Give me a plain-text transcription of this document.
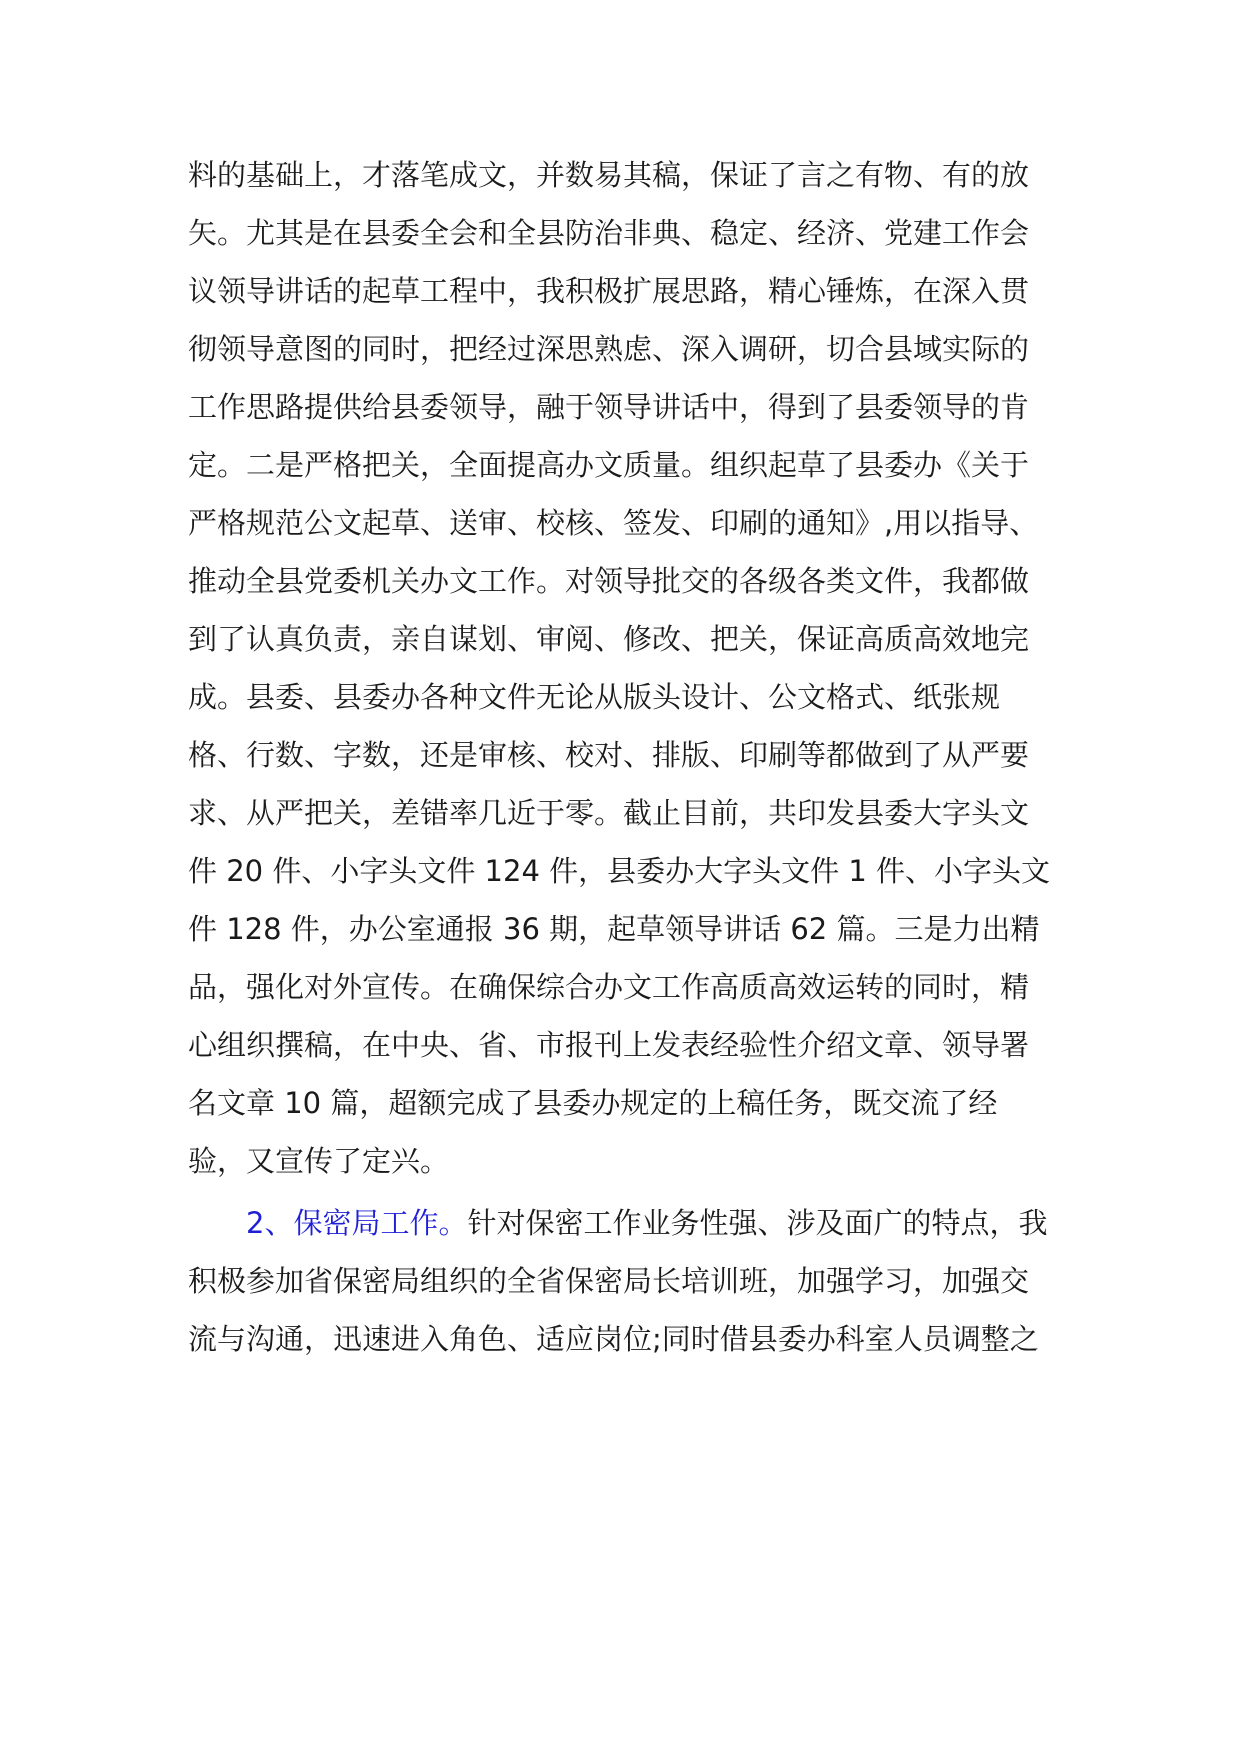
料的基础上，才落笔成文，并数易其稿，保证了言之有物、有的放
矢。尤其是在县委全会和全县防治非典、稳定、经济、党建工作会
议领导讲话的起草工程中，我积极扩展思路，精心锤炼，在深入贯
彻领导意图的同时，把经过深思熟虑、深入调研，切合县域实际的
工作思路提供给县委领导，融于领导讲话中，得到了县委领导的肯
定。二是严格把关，全面提高办文质量。组织起草了县委办《关于
严格规范公文起草、送审、校核、签发、印刷的通知》,用以指导、
推动全县党委机关办文工作。对领导批交的各级各类文件，我都做
到了认真负责，亲自谋划、审阅、修改、把关，保证高质高效地完
成。县委、县委办各种文件无论从版头设计、公文格式、纸张规
格、行数、字数，还是审核、校对、排版、印刷等都做到了从严要
求、从严把关，差错率几近于零。截止目前，共印发县委大字头文
件 20 件、小字头文件 124 件，县委办大字头文件 1 件、小字头文
件 128 件，办公室通报 36 期，起草领导讲话 62 篇。三是力出精
品，强化对外宣传。在确保综合办文工作高质高效运转的同时，精
心组织撰稿，在中央、省、市报刊上发表经验性介绍文章、领导署
名文章 10 篇，超额完成了县委办规定的上稿任务，既交流了经
验，又宣传了定兴。
2、保密局工作。针对保密工作业务性强、涉及面广的特点，我
积极参加省保密局组织的全省保密局长培训班，加强学习，加强交
流与沟通，迅速进入角色、适应岗位;同时借县委办科室人员调整之
